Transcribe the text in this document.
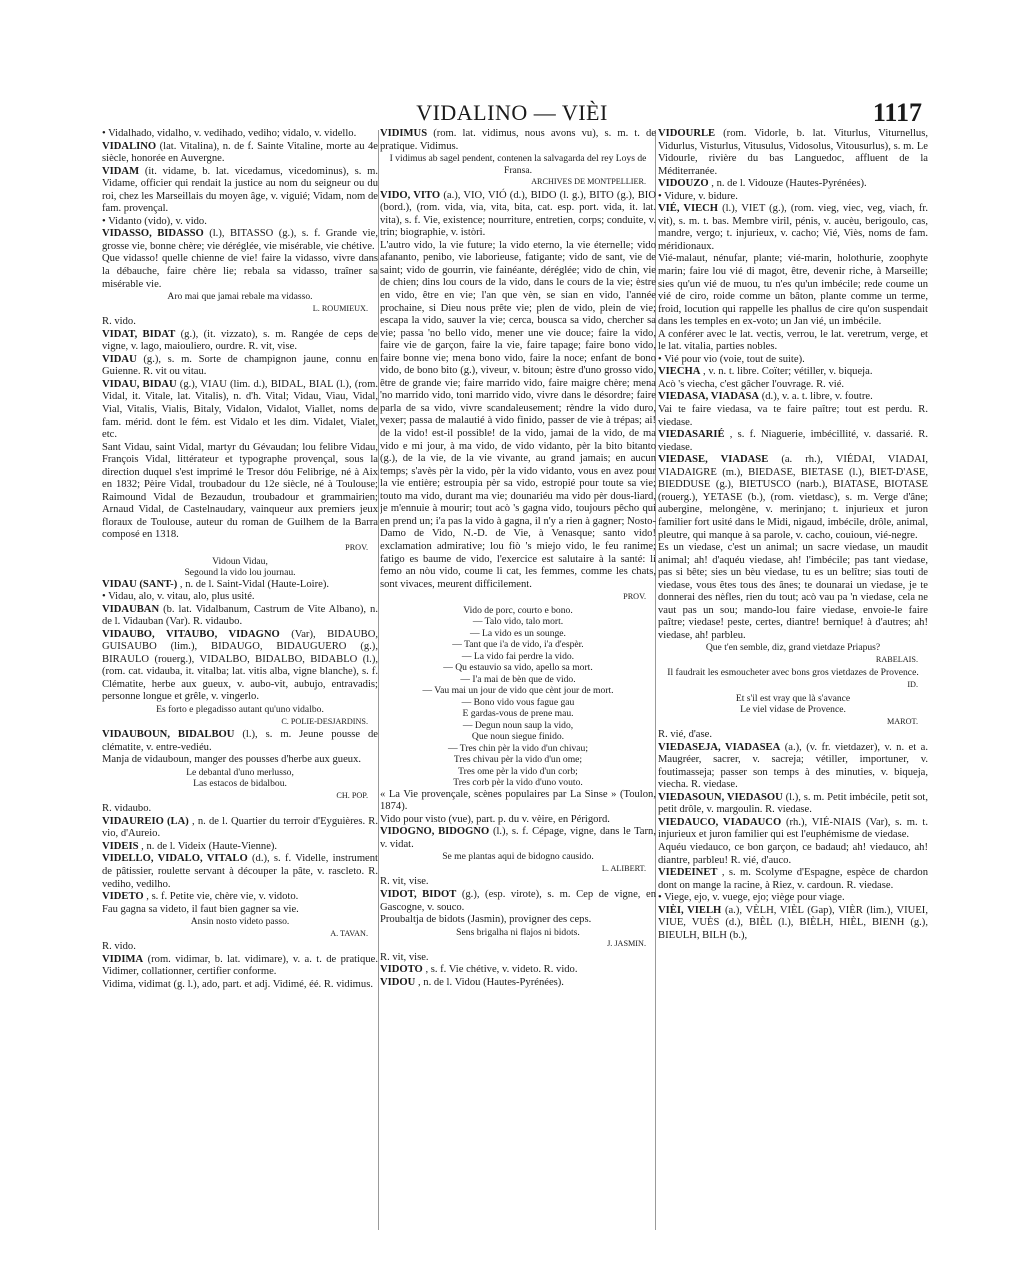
VIDALINO — VIÈI	1117

• Vidalhado, vidalho, v. vedihado, vediho; vidalo, v. vidello.

VIDALINO (lat. Vitalina), n. de f. Sainte Vitaline, morte au 4e siècle, honorée en Auvergne.

VIDAM (it. vidame, b. lat. vicedamus, vicedominus), s. m. Vidame, officier qui rendait la justice au nom du seigneur ou du roi, chez les Marseillais du moyen âge, v. viguié; Vidam, nom de fam. provençal.

• Vidanto (vido), v. vido.

VIDASSO, BIDASSO (l.), BITASSO (g.), s. f. Grande vie, grosse vie, bonne chère; vie déréglée, vie misérable, vie chétive.

Que vidasso! quelle chienne de vie! faire la vidasso, vivre dans la débauche, faire chère lie; rebala sa vidasso, traîner sa misérable vie.

Aro mai que jamai rebale ma vidasso.
L. ROUMIEUX.

R. vido.

VIDAT, BIDAT (g.), (it. vizzato), s. m. Rangée de ceps de vigne, v. lago, maiouliero, ourdre. R. vit, vise.

VIDAU (g.), s. m. Sorte de champignon jaune, connu en Guienne. R. vit ou vitau.

VIDAU, BIDAU (g.), VIAU (lim. d.), BIDAL, BIAL (l.), (rom. Vidal, it. Vitale, lat. Vitalis), n. d'h. Vital; Vidau, Viau, Vidal, Vial, Vitalis, Vialis, Bitaly, Vidalon, Vidalot, Viallet, noms de fam. mérid. dont le fém. est Vidalo et les dim. Vidalet, Vialet, etc.

Sant Vidau, saint Vidal, martyr du Gévaudan; lou felibre Vidau, François Vidal, littérateur et typographe provençal, sous la direction duquel s'est imprimé le Tresor dóu Felibrige, né à Aix en 1832; Pèire Vidal, troubadour du 12e siècle, né à Toulouse; Raimound Vidal de Bezaudun, troubadour et grammairien; Arnaud Vidal, de Castelnaudary, vainqueur aux premiers jeux floraux de Toulouse, auteur du roman de Guilhem de la Barra composé en 1318.

PROV.
Vidoun Vidau,
Segound la vido lou journau.

VIDAU (SANT-) , n. de l. Saint-Vidal (Haute-Loire).

• Vidau, alo, v. vitau, alo, plus usité.

VIDAUBAN (b. lat. Vidalbanum, Castrum de Vite Albano), n. de l. Vidauban (Var). R. vidaubo.

VIDAUBO, VITAUBO, VIDAGNO (Var), BIDAUBO, GUISAUBO (lim.), BIDAUGO, BIDAUGUERO (g.), BIRAULO (rouerg.), VIDALBO, BIDALBO, BIDABLO (l.), (rom. cat. vidauba, it. vitalba; lat. vitis alba, vigne blanche), s. f. Clématite, herbe aux gueux, v. aubo-vit, aubujo, entravadis; personne longue et grêle, v. vingerlo.

Es forto e plegadisso autant qu'uno vidalbo.
C. POLIE-DESJARDINS.

VIDAUBOUN, BIDALBOU (l.), s. m. Jeune pousse de clématite, v. entre-vediéu.

Manja de vidauboun, manger des pousses d'herbe aux gueux.

Le debantal d'uno merlusso,
Las estacos de bidalbou.
CH. POP.

R. vidaubo.

VIDAUREIO (LA) , n. de l. Quartier du terroir d'Eyguières. R. vio, d'Aureio.

VIDEIS , n. de l. Videix (Haute-Vienne).

VIDELLO, VIDALO, VITALO (d.), s. f. Videlle, instrument de pâtissier, roulette servant à découper la pâte, v. rascleto. R. vediho, vedilho.

VIDETO , s. f. Petite vie, chère vie, v. vidoto.

Fau gagna sa videto, il faut bien gagner sa vie.

Ansin nosto videto passo.
A. TAVAN.

R. vido.

VIDIMA (rom. vidimar, b. lat. vidimare), v. a. t. de pratique. Vidimer, collationner, certifier conforme.

Vidima, vidimat (g. l.), ado, part. et adj. Vidimé, éé. R. vidimus.

VIDIMUS (rom. lat. vidimus, nous avons vu), s. m. t. de pratique. Vidimus.

I vidimus ab sagel pendent, contenen la salvagarda del rey Loys de Fransa.
ARCHIVES DE MONTPELLIER.

VIDO, VITO (a.), VIO, VIÓ (d.), BIDO (l. g.), BITO (g.), BIO (bord.), (rom. vida, via, vita, bita, cat. esp. port. vida, it. lat. vita), s. f. Vie, existence; nourriture, entretien, corps; conduite, v. trin; biographie, v. istòri.

L'autro vido, la vie future; la vido eterno, la vie éternelle; vido afananto, penibo, vie laborieuse, fatigante; vido de sant, vie de saint; vido de gourrin, vie fainéante, déréglée; vido de chin, vie de chien; dins lou cours de la vido, dans le cours de la vie; èstre en vido, être en vie; l'an que vèn, se sian en vido, l'année prochaine, si Dieu nous prête vie; plen de vido, plein de vie; escapa la vido, sauver la vie; cerca, bousca sa vido, chercher sa vie; passa 'no bello vido, mener une vie douce; faire la vido, faire vie de garçon, faire la vie, faire tapage; faire bono vido, faire bonne vie; mena bono vido, faire la noce; enfant de bono vido, de bono bito (g.), viveur, v. bitoun; èstre d'uno grosso vido, être de grande vie; faire marrido vido, faire maigre chère; mena 'no marrido vido, toni marrido vido, vivre dans le désordre; faire parla de sa vido, vivre scandaleusement; rèndre la vido duro, vexer; passa de malautié à vido finido, passer de vie à trépas; ai! de la vido! est-il possible! de la vido, jamai de la vido, de ma vido e mi jour, à ma vido, de vido vidanto, pèr la bito bitanto (g.), de la vie, de la vie vivante, au grand jamais; en aucun temps; s'avès pèr la vido, pèr la vido vidanto, vous en avez pour la vie entière; estroupia pèr sa vido, estropié pour toute sa vie; touto ma vido, durant ma vie; dounariéu ma vido pèr dous-liard, je m'ennuie à mourir; tout acò 's gagna vido, toujours pêcho qui en prend un; i'a pas la vido à gagna, il n'y a rien à gagner; Nosto-Damo de Vido, N.-D. de Vie, à Venasque; santo vido! exclamation admirative; lou fiò 's miejo vido, le feu ranime; fatigo es baume de vido, l'exercice est salutaire à la santé: li femo an nòu vido, coume li cat, les femmes, comme les chats, sont vivaces, meurent difficilement.

PROV.
Vido de porc, courto e bono.
— Talo vido, talo mort.
— La vido es un sounge.
— Tant que i'a de vido, i'a d'espèr.
— La vido fai perdre la vido.
— Qu estauvio sa vido, apello sa mort.
— I'a mai de bèn que de vido.
— Vau mai un jour de vido que cènt jour de mort.
— Bono vido vous fague gau
E gardas-vous de prene mau.
— Degun noun saup la vido,
Que noun siegue finido.
— Tres chin pèr la vido d'un chivau;
Tres chivau pèr la vido d'un ome;
Tres ome pèr la vido d'un corb;
Tres corb pèr la vido d'uno vouto.

« La Vie provençale, scènes populaires par La Sinse » (Toulon, 1874).

Vido pour visto (vue), part. p. du v. vèire, en Périgord.

VIDOGNO, BIDOGNO (l.), s. f. Cépage, vigne, dans le Tarn, v. vidat.

Se me plantas aqui de bidogno causido.
L. ALIBERT.

R. vit, vise.

VIDOT, BIDOT (g.), (esp. virote), s. m. Cep de vigne, en Gascogne, v. souco.

Proubaltja de bidots (Jasmin), provigner des ceps.

Sens brigalha ni flajos ni bidots.
J. JASMIN.

R. vit, vise.

VIDOTO , s. f. Vie chétive, v. videto. R. vido.

VIDOU , n. de l. Vidou (Hautes-Pyrénées).

VIDOURLE (rom. Vidorle, b. lat. Viturlus, Viturnellus, Vidurlus, Visturlus, Vitusulus, Vidosolus, Vitousurlus), s. m. Le Vidourle, rivière du bas Languedoc, affluent de la Méditerranée.

VIDOUZO , n. de l. Vidouze (Hautes-Pyrénées).

• Vidure, v. bidure.

VIÉ, VIECH (l.), VIET (g.), (rom. vieg, viec, veg, viach, fr. vit), s. m. t. bas. Membre viril, pénis, v. aucèu, berigoulo, cas, mandre, vergo; t. injurieux, v. cacho; Vié, Viès, noms de fam. méridionaux.

Vié-malaut, nénufar, plante; vié-marin, holothurie, zoophyte marin; faire lou vié di magot, être, devenir riche, à Marseille; sies qu'un vié de muou, tu n'es qu'un imbécile; rede coume un vié de ciro, roide comme un bâton, plante comme un terme, froid, locution qui rappelle les phallus de cire qu'on suspendait dans les temples en ex-voto; un Jan vié, un imbécile.

A conférer avec le lat. vectis, verrou, le lat. veretrum, verge, et le lat. vitalia, parties nobles.

• Vié pour vio (voie, tout de suite).

VIECHA , v. n. t. libre. Coïter; vétiller, v. biqueja.

Acò 's viecha, c'est gâcher l'ouvrage. R. vié.

VIEDASA, VIADASA (d.), v. a. t. libre, v. foutre.

Vai te faire viedasa, va te faire paître; tout est perdu. R. viedase.

VIEDASARIÉ , s. f. Niaguerie, imbécillité, v. dassarié. R. viedase.

VIEDASE, VIADASE (a. rh.), VIÉDAI, VIADAI, VIADAIGRE (m.), BIEDASE, BIETASE (l.), BIET-D'ASE, BIEDDUSE (g.), BIETUSCO (narb.), BIATASE, BIOTASE (rouerg.), YETASE (b.), (rom. vietdasc), s. m. Verge d'âne; aubergine, melongène, v. merinjano; t. injurieux et juron familier fort usité dans le Midi, nigaud, imbécile, drôle, animal, pleutre, qui manque à sa parole, v. cacho, couioun, vié-negre.

Es un viedase, c'est un animal; un sacre viedase, un maudit animal; ah! d'aquéu viedase, ah! l'imbécile; pas tant viedase, pas si bête; sies un bèu viedase, tu es un belître; sias touti de viedase, vous êtes tous des ânes; te dounarai un viedase, je te donnerai des nèfles, rien du tout; acò vau pa 'n viedase, cela ne vaut pas un sou; mando-lou faire viedase, envoie-le faire paître; viedase! peste, certes, diantre! bernique! à d'autres; ah! viedase, ah! parbleu.

Que t'en semble, diz, grand vietdaze Priapus?
RABELAIS.
Il faudrait les esmoucheter avec bons gros vietdazes de Provence.
ID.
Et s'il est vray que là s'avance
Le viel vidase de Provence.
MAROT.

R. vié, d'ase.

VIEDASEJA, VIADASEA (a.), (v. fr. vietdazer), v. n. et a. Maugréer, sacrer, v. sacreja; vétiller, importuner, v. foutimasseja; passer son temps à des minuties, v. biqueja, viecha. R. viedase.

VIEDASOUN, VIEDASOU (l.), s. m. Petit imbécile, petit sot, petit drôle, v. margoulin. R. viedase.

VIEDAUCO, VIADAUCO (rh.), VIÉ-NIAIS (Var), s. m. t. injurieux et juron familier qui est l'euphémisme de viedase.

Aquéu viedauco, ce bon garçon, ce badaud; ah! viedauco, ah! diantre, parbleu! R. vié, d'auco.

VIEDEINET , s. m. Scolyme d'Espagne, espèce de chardon dont on mange la racine, à Riez, v. cardoun. R. viedase.

• Viege, ejo, v. vuege, ejo; viège pour viage.

VIÈI, VIELH (a.), VÈLH, VIÈL (Gap), VIÈR (lim.), VIUEI, VIUE, VUÈS (d.), BIÈL (l.), BIÈLH, HIÈL, BIENH (g.), BIEULH, BILH (b.),
